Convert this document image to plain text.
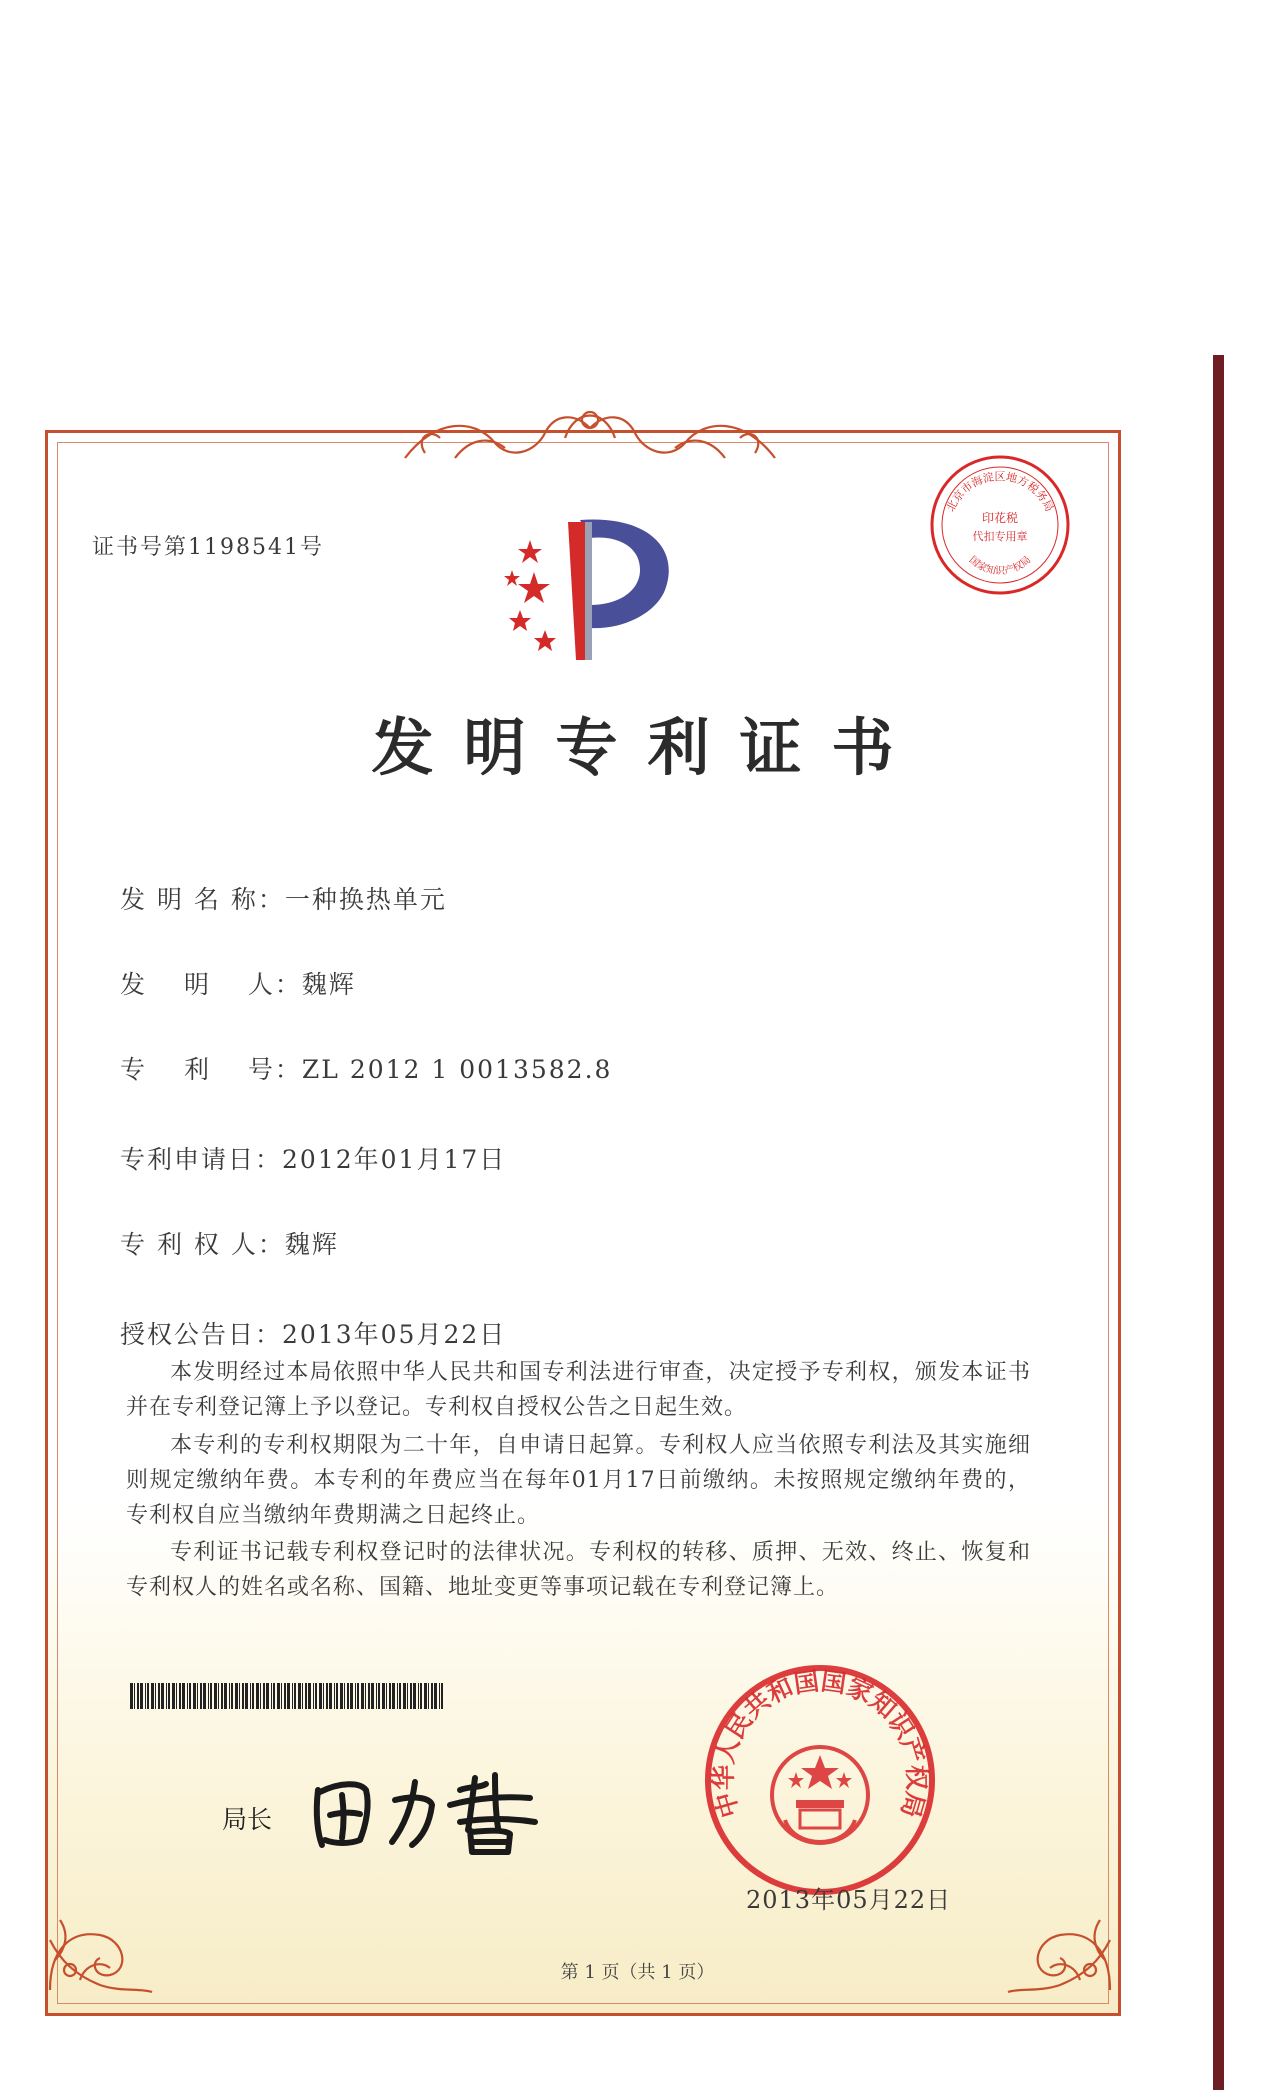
证书号第1198541号
北京市海淀区地方税务局
印花税
代扣专用章
国家知识产权局
发明专利证书
发 明 名 称：一种换热单元
发　 明　 人：魏辉
专　 利　 号：ZL 2012 1 0013582.8
专利申请日：2012年01月17日
专 利 权 人：魏辉
授权公告日：2013年05月22日
本发明经过本局依照中华人民共和国专利法进行审查，决定授予专利权，颁发本证书并在专利登记簿上予以登记。专利权自授权公告之日起生效。
本专利的专利权期限为二十年，自申请日起算。专利权人应当依照专利法及其实施细则规定缴纳年费。本专利的年费应当在每年01月17日前缴纳。未按照规定缴纳年费的，专利权自应当缴纳年费期满之日起终止。
专利证书记载专利权登记时的法律状况。专利权的转移、质押、无效、终止、恢复和专利权人的姓名或名称、国籍、地址变更等事项记载在专利登记簿上。
局长	中华人民共和国国家知识产权局
2013年05月22日
第 1 页（共 1 页）
